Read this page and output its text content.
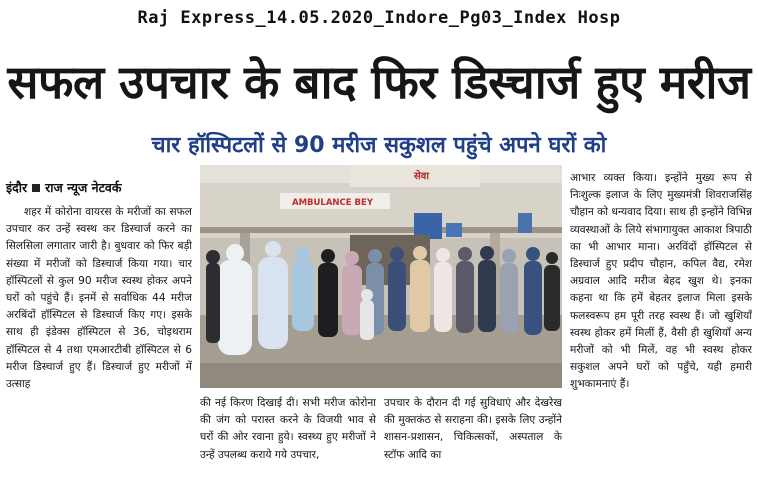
Raj Express_14.05.2020_Indore_Pg03_Index Hosp
सफल उपचार के बाद फिर डिस्चार्ज हुए मरीज
चार हॉस्पिटलों से 90 मरीज सकुशल पहुंचे अपने घरों को
इंदौर राज न्यूज नेटवर्क
शहर में कोरोना वायरस के मरीजों का सफल उपचार कर उन्हें स्वस्थ कर डिस्चार्ज करने का सिलसिला लगातार जारी है। बुधवार को फिर बड़ी संख्या में मरीजों को डिस्चार्ज किया गया। चार हॉस्पिटलों से कुल 90 मरीज स्वस्थ होकर अपने घरों को पहुंचे हैं। इनमें से सर्वाधिक 44 मरीज अरबिंदों हॉस्पिटल से डिस्चार्ज किए गए। इसके साथ ही इंडेक्स हॉस्पिटल से 36, चोइथराम हॉस्पिटल से 4 तथा एमआरटीबी हॉस्पिटल से 6 मरीज डिस्चार्ज हुए हैं। डिस्चार्ज हुए मरीजों में उत्साह
सेवा
AMBULANCE BEY
की नई किरण दिखाई दी। सभी मरीज कोरोना की जंग को परास्त करने के विजयी भाव से घरों की ओर रवाना हुये। स्वस्थ्य हुए मरीजों ने उन्हें उपलब्ध कराये गये उपचार,
उपचार के दौरान दी गई सुविधाएं और देखरेख की मुक्तकंठ से सराहना की। इसके लिए उन्होंने शासन-प्रशासन, चिकित्सकों, अस्पताल के स्टॉफ आदि का
आभार व्यक्त किया। इन्होंने मुख्य रूप से निःशुल्क इलाज के लिए मुख्यमंत्री शिवराजसिंह चौहान को धन्यवाद दिया। साथ ही इन्होंने विभिन्न व्यवस्थाओं के लिये संभागायुक्त आकाश त्रिपाठी का भी आभार माना। अरविंदों हॉस्पिटल से डिस्चार्ज हुए प्रदीप चौहान, कपिल वैद्य, रमेश अग्रवाल आदि मरीज बेहद खुश थे। इनका कहना था कि हमें बेहतर इलाज मिला इसके फलस्वरूप हम पूरी तरह स्वस्थ हैं। जो खुशियाँ स्वस्थ होकर हमें मिलीं हैं, वैसी ही खुशियाँ अन्य मरीजों को भी मिलें, वह भी स्वस्थ होकर सकुशल अपने घरों को पहुँचे, यही हमारी शुभकामनाएं हैं।
